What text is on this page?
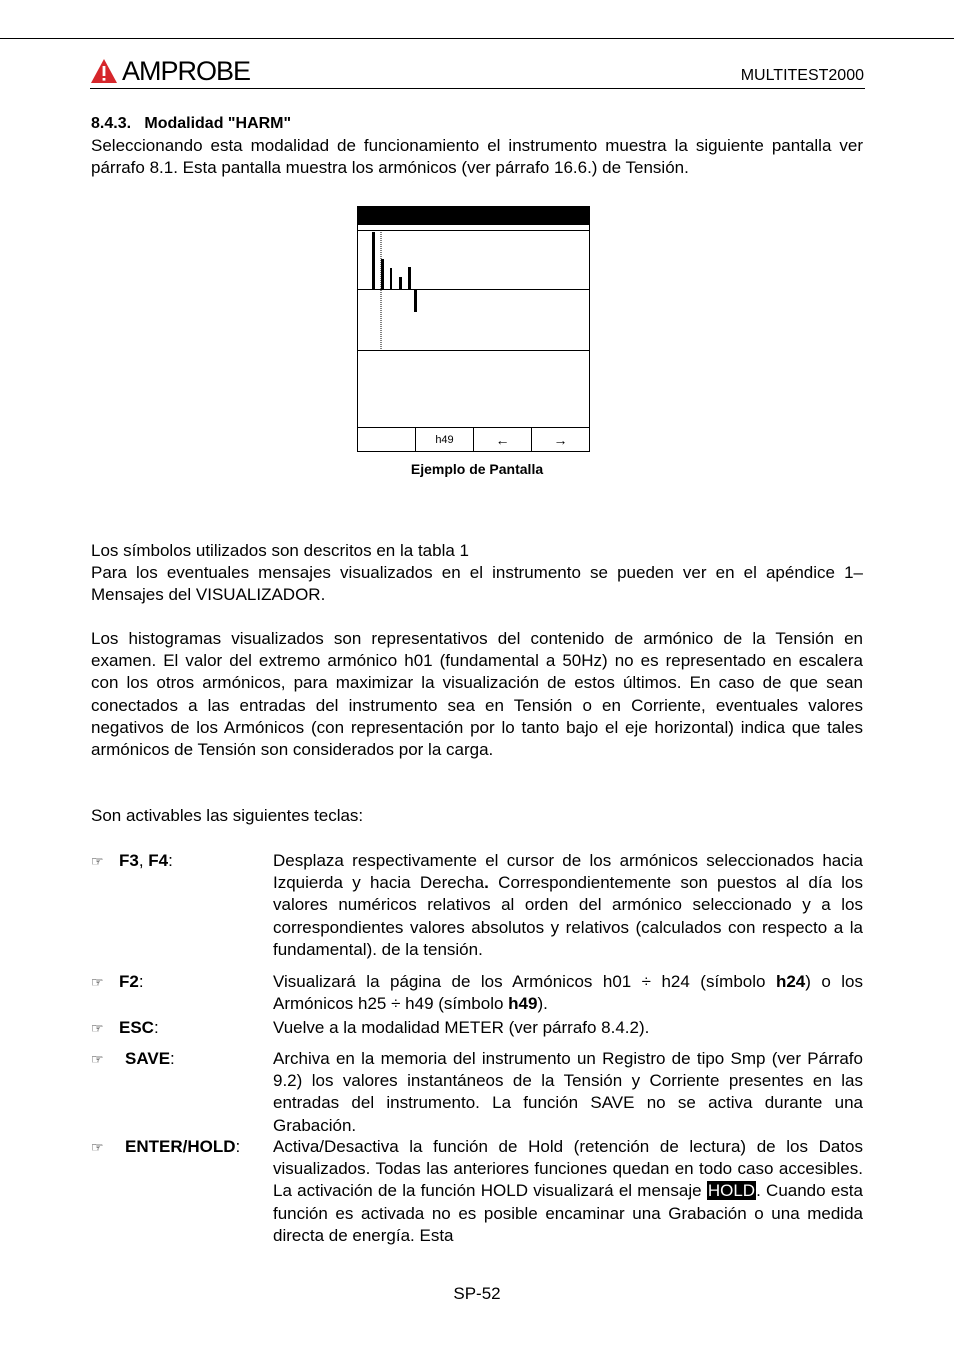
AMPROBE	MULTITEST2000
8.4.3.   Modalidad "HARM"
Seleccionando esta modalidad de funcionamiento el instrumento muestra la siguiente pantalla ver párrafo 8.1. Esta pantalla muestra los armónicos (ver párrafo 16.6.) de Tensión.
h49	←	→
Ejemplo de Pantalla
Los símbolos utilizados son descritos en la tabla 1
Para los eventuales mensajes visualizados en el instrumento se pueden ver en el apéndice 1–Mensajes del VISUALIZADOR.
Los histogramas visualizados son representativos del contenido de armónico de la Tensión en examen. El valor del extremo armónico h01 (fundamental a 50Hz) no es representado en escalera con los otros armónicos, para maximizar la visualización de estos últimos. En caso de que sean conectados a las entradas del instrumento sea en Tensión o en Corriente, eventuales valores negativos de los Armónicos (con representación por lo tanto bajo el eje horizontal) indica que tales armónicos de Tensión son considerados por la carga.
Son activables las siguientes teclas:
☞ F3, F4:	Desplaza respectivamente el cursor de los armónicos seleccionados hacia Izquierda y hacia Derecha. Correspondientemente son puestos al día los valores numéricos relativos al orden del armónico seleccionado y a los correspondientes valores absolutos y relativos (calculados con respecto a la fundamental). de la tensión.
☞ F2:	Visualizará la página de los Armónicos h01 ÷ h24 (símbolo h24) o los Armónicos h25 ÷ h49 (símbolo h49).
☞ ESC:	Vuelve a la modalidad METER (ver párrafo 8.4.2).
☞ SAVE:	Archiva en la memoria del instrumento un Registro de tipo Smp (ver Párrafo 9.2) los valores instantáneos de la Tensión y Corriente presentes en las entradas del instrumento. La función SAVE no se activa durante una Grabación.
☞ ENTER/HOLD: Activa/Desactiva la función de Hold (retención de lectura) de los Datos visualizados. Todas las anteriores funciones quedan en todo caso accesibles. La activación de la función HOLD visualizará el mensaje HOLD. Cuando esta función es activada no es posible encaminar una Grabación o una medida directa de energía. Esta
SP-52
